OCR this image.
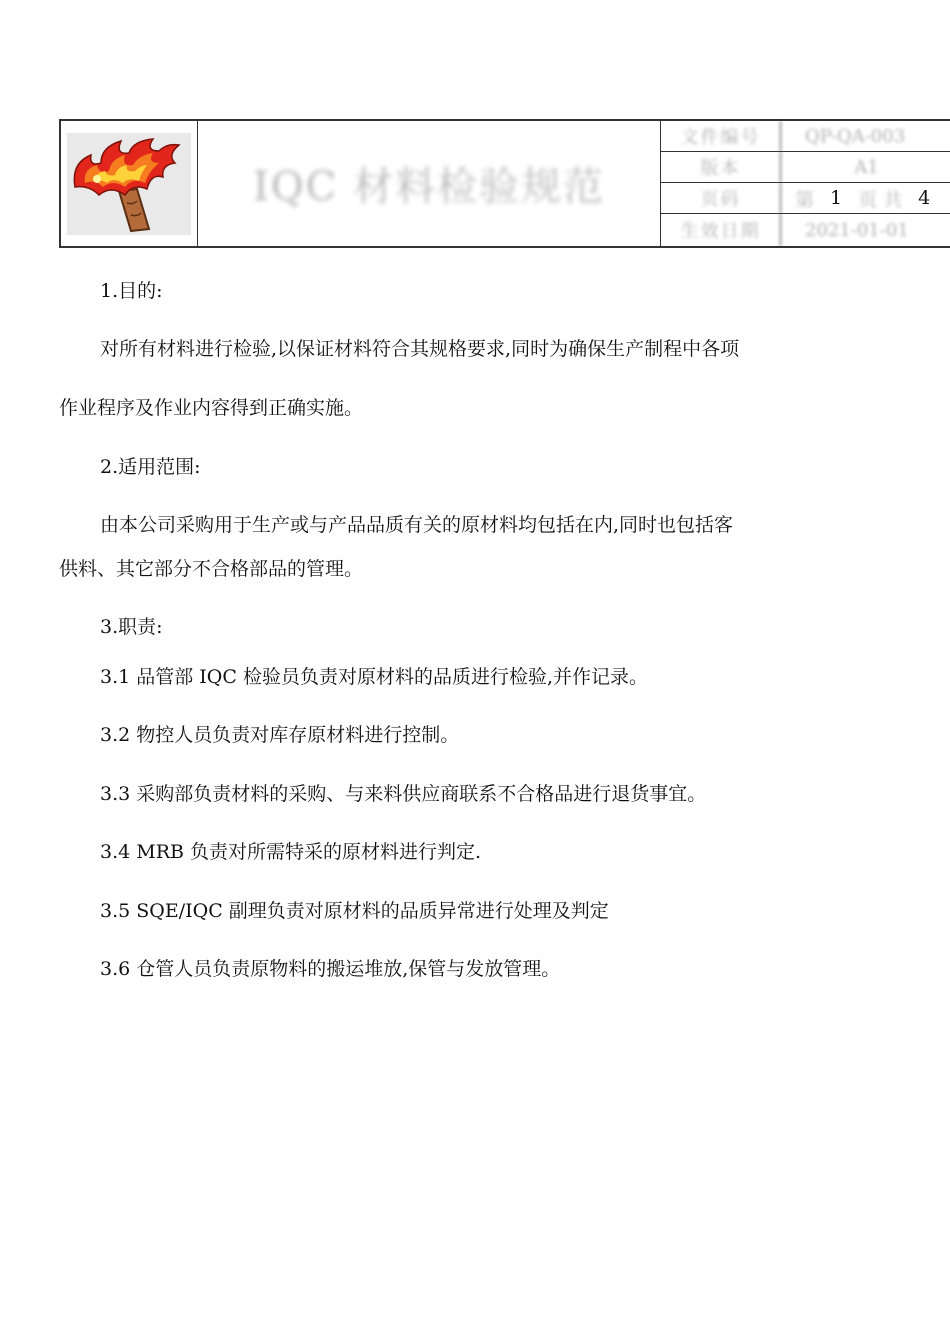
IQC 材料检验规范
文件编号	QP-QA-003
版本	A1
页码	第 1 页 共 4
生效日期	2021-01-01
1.目的:
对所有材料进行检验,以保证材料符合其规格要求,同时为确保生产制程中各项
作业程序及作业内容得到正确实施。
2.适用范围:
由本公司采购用于生产或与产品品质有关的原材料均包括在内,同时也包括客
供料、其它部分不合格部品的管理。
3.职责:
3.1 品管部 IQC 检验员负责对原材料的品质进行检验,并作记录。
3.2 物控人员负责对库存原材料进行控制。
3.3 采购部负责材料的采购、与来料供应商联系不合格品进行退货事宜。
3.4 MRB 负责对所需特采的原材料进行判定.
3.5 SQE/IQC 副理负责对原材料的品质异常进行处理及判定
3.6 仓管人员负责原物料的搬运堆放,保管与发放管理。
